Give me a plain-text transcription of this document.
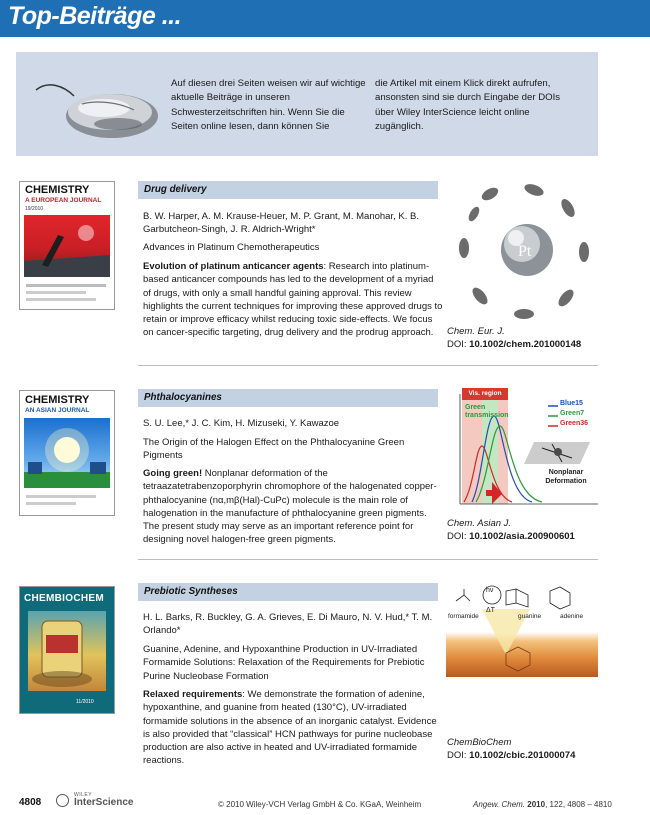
Top-Beiträge ...
Auf diesen drei Seiten weisen wir auf wichtige aktuelle Beiträge in unseren Schwesterzeitschriften hin. Wenn Sie die Seiten online lesen, dann können Sie
die Artikel mit einem Klick direkt aufrufen, ansonsten sind sie durch Eingabe der DOIs über Wiley InterScience leicht online zugänglich.
CHEMISTRY
A EUROPEAN JOURNAL
19/2010
Drug delivery
B. W. Harper, A. M. Krause-Heuer, M. P. Grant, M. Manohar, K. B. Garbutcheon-Singh, J. R. Aldrich-Wright*
Advances in Platinum Chemotherapeutics
Evolution of platinum anticancer agents: Research into platinum-based anticancer compounds has led to the development of a myriad of drugs, with only a small handful gaining approval. This review highlights the current techniques for improving these approved drugs to retain or improve efficacy whilst reducing toxic side-effects. We focus on cancer-specific targeting, drug delivery and the prodrug approach.
Pt
Chem. Eur. J.
DOI: 10.1002/chem.201000148
CHEMISTRY
AN ASIAN JOURNAL
Phthalocyanines
S. U. Lee,* J. C. Kim, H. Mizuseki, Y. Kawazoe
The Origin of the Halogen Effect on the Phthalocyanine Green Pigments
Going green! Nonplanar deformation of the tetraazatetrabenzoporphyrin chromophore of the halogenated copper-phthalocyanine (nα,mβ(Hal)-CuPc) molecule is the main role of halogenation in the manufacture of phthalocyanine green pigments. The present study may serve as an important reference point for designing novel halogen-free green pigments.
Vis. region
Green transmission
Blue15
Green7
Green36
Nonplanar Deformation
Chem. Asian J.
DOI: 10.1002/asia.200900601
CHEMBIOCHEM
11/2010
Prebiotic Syntheses
H. L. Barks, R. Buckley, G. A. Grieves, E. Di Mauro, N. V. Hud,* T. M. Orlando*
Guanine, Adenine, and Hypoxanthine Production in UV-Irradiated Formamide Solutions: Relaxation of the Requirements for Prebiotic Purine Nucleobase Formation
Relaxed requirements: We demonstrate the formation of adenine, hypoxanthine, and guanine from heated (130°C), UV-irradiated formamide solutions in the absence of an inorganic catalyst. Evidence is also provided that “classical” HCN pathways for purine nucleobase production are also active in heated and UV-irradiated formamide reactions.
hν
ΔT
formamide	guanine	adenine
ChemBioChem
DOI: 10.1002/cbic.201000074
4808
WILEY
InterScience	© 2010 Wiley-VCH Verlag GmbH & Co. KGaA, Weinheim	Angew. Chem. 2010, 122, 4808 – 4810
